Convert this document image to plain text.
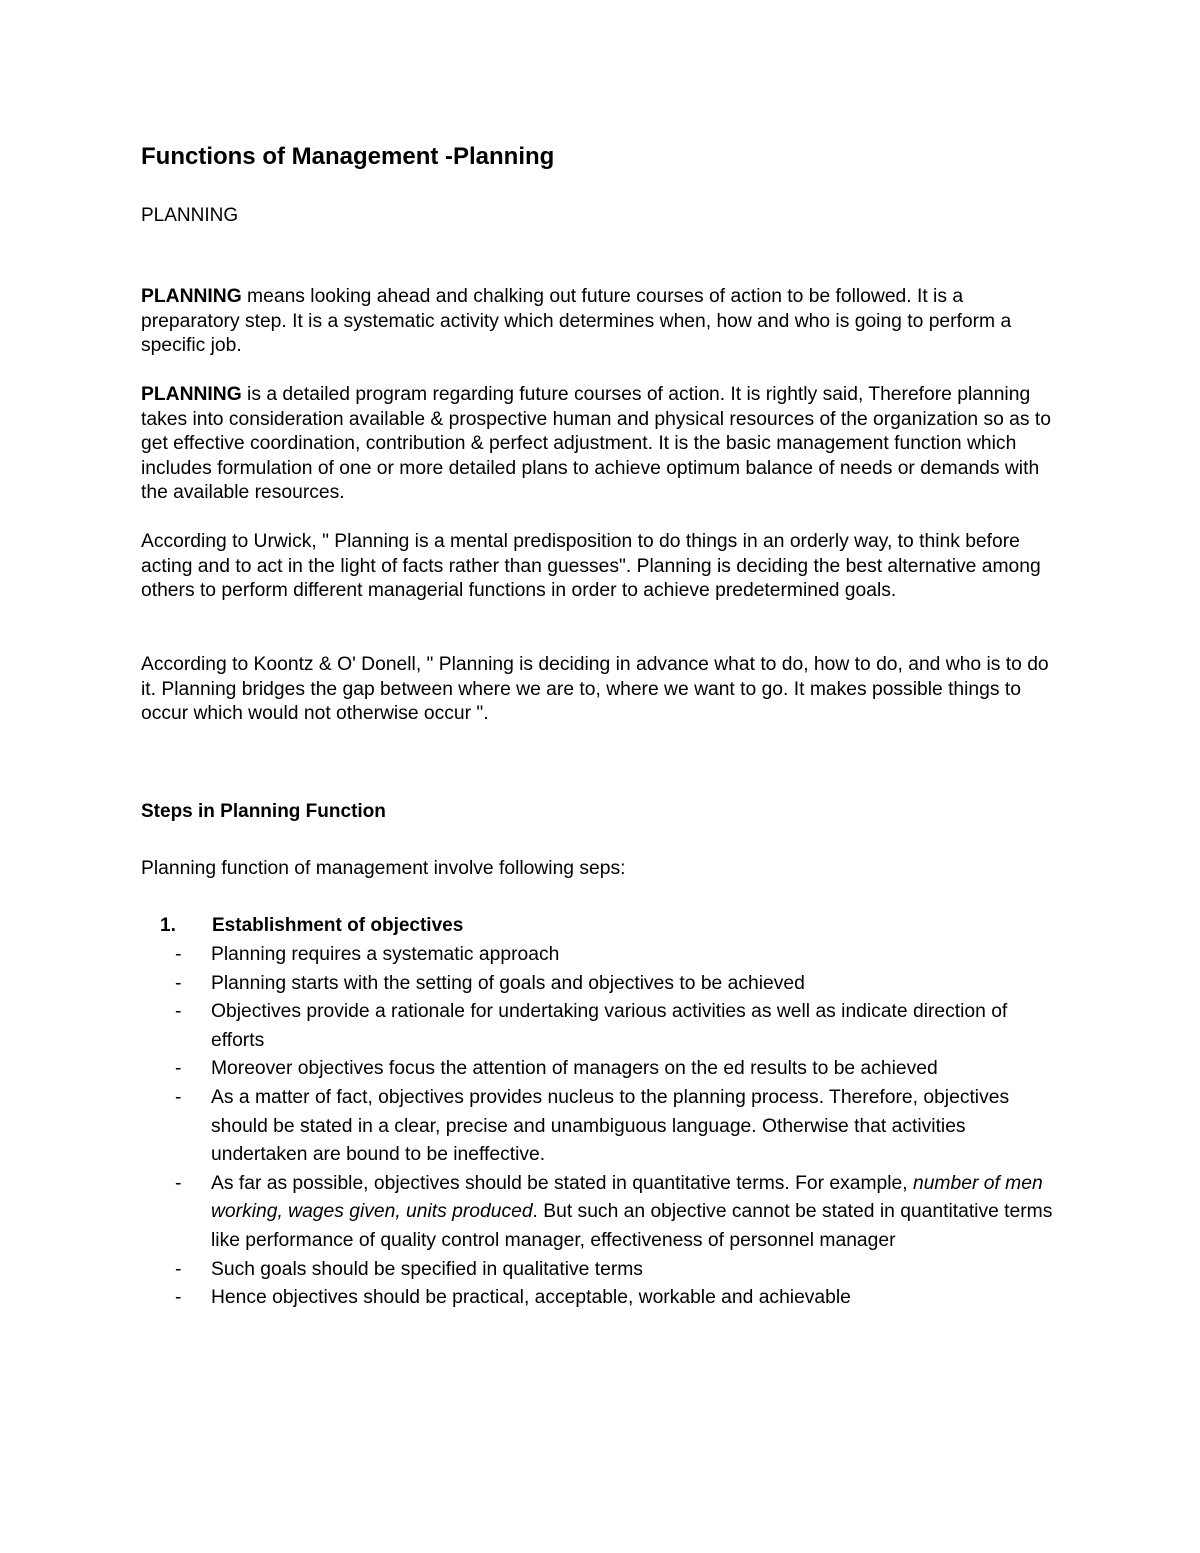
Functions of Management -Planning

PLANNING

PLANNING means looking ahead and chalking out future courses of action to be followed. It is a preparatory step. It is a systematic activity which determines when, how and who is going to perform a specific job.

PLANNING is a detailed program regarding future courses of action. It is rightly said, Therefore planning takes into consideration available & prospective human and physical resources of the organization so as to get effective coordination, contribution & perfect adjustment. It is the basic management function which includes formulation of one or more detailed plans to achieve optimum balance of needs or demands with the available resources.

According to Urwick, " Planning is a mental predisposition to do things in an orderly way, to think before acting and to act in the light of facts rather than guesses". Planning is deciding the best alternative among others to perform different managerial functions in order to achieve predetermined goals.

According to Koontz & O' Donell, " Planning is deciding in advance what to do, how to do, and who is to do it. Planning bridges the gap between where we are to, where we want to go. It makes possible things to occur which would not otherwise occur ".

Steps in Planning Function

Planning function of management involve following seps:

1. Establishment of objectives

- Planning requires a systematic approach
- Planning starts with the setting of goals and objectives to be achieved
- Objectives provide a rationale for undertaking various activities as well as indicate direction of efforts
- Moreover objectives focus the attention of managers on the ed results to be achieved
- As a matter of fact, objectives provides nucleus to the planning process. Therefore, objectives should be stated in a clear, precise and unambiguous language. Otherwise that activities undertaken are bound to be ineffective.
- As far as possible, objectives should be stated in quantitative terms. For example, number of men working, wages given, units produced. But such an objective cannot be stated in quantitative terms like performance of quality control manager, effectiveness of personnel manager
- Such goals should be specified in qualitative terms
- Hence objectives should be practical, acceptable, workable and achievable
